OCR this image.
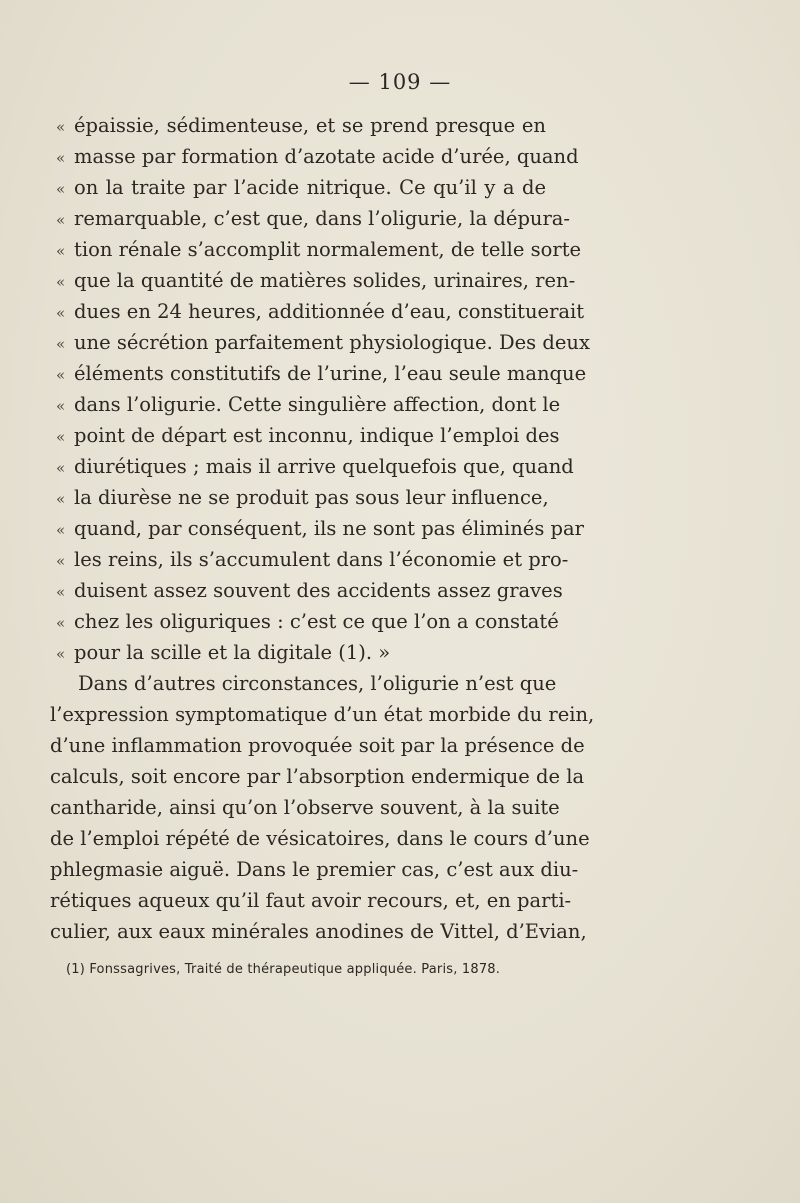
— 109 —
« épaissie, sédimenteuse, et se prend presque en
« masse par formation d’azotate acide d’urée, quand
« on la traite par l’acide nitrique. Ce qu’il y a de
« remarquable, c’est que, dans l’oligurie, la dépura-
« tion rénale s’accomplit normalement, de telle sorte
« que la quantité de matières solides, urinaires, ren-
« dues en 24 heures, additionnée d’eau, constituerait
« une sécrétion parfaitement physiologique. Des deux
« éléments constitutifs de l’urine, l’eau seule manque
« dans l’oligurie. Cette singulière affection, dont le
« point de départ est inconnu, indique l’emploi des
« diurétiques ; mais il arrive quelquefois que, quand
« la diurèse ne se produit pas sous leur influence,
« quand, par conséquent, ils ne sont pas éliminés par
« les reins, ils s’accumulent dans l’économie et pro-
« duisent assez souvent des accidents assez graves
« chez les oliguriques : c’est ce que l’on a constaté
« pour la scille et la digitale (1). »
Dans d’autres circonstances, l’oligurie n’est que
l’expression symptomatique d’un état morbide du rein,
d’une inflammation provoquée soit par la présence de
calculs, soit encore par l’absorption endermique de la
cantharide, ainsi qu’on l’observe souvent, à la suite
de l’emploi répété de vésicatoires, dans le cours d’une
phlegmasie aiguë. Dans le premier cas, c’est aux diu-
rétiques aqueux qu’il faut avoir recours, et, en parti-
culier, aux eaux minérales anodines de Vittel, d’Evian,
(1) Fonssagrives, Traité de thérapeutique appliquée. Paris, 1878.
